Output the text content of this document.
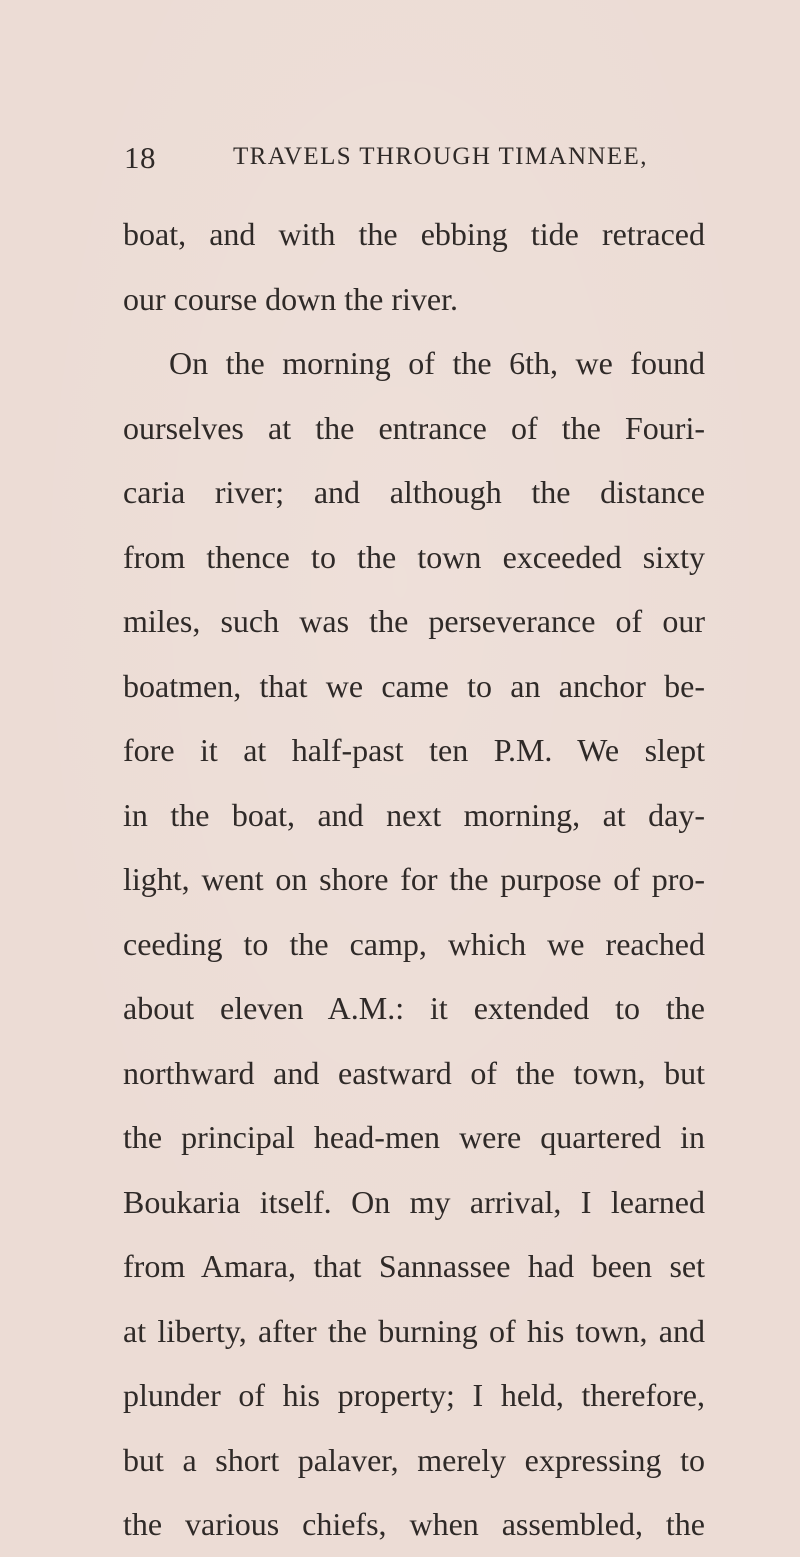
18	TRAVELS THROUGH TIMANNEE,
boat, and with the ebbing tide retraced
our course down the river.
On the morning of the 6th, we found
ourselves at the entrance of the Fouri-
caria river; and although the distance
from thence to the town exceeded sixty
miles, such was the perseverance of our
boatmen, that we came to an anchor be-
fore it at half-past ten P.M. We slept
in the boat, and next morning, at day-
light, went on shore for the purpose of pro-
ceeding to the camp, which we reached
about eleven A.M.: it extended to the
northward and eastward of the town, but
the principal head-men were quartered in
Boukaria itself. On my arrival, I learned
from Amara, that Sannassee had been set
at liberty, after the burning of his town, and
plunder of his property; I held, therefore,
but a short palaver, merely expressing to
the various chiefs, when assembled, the
